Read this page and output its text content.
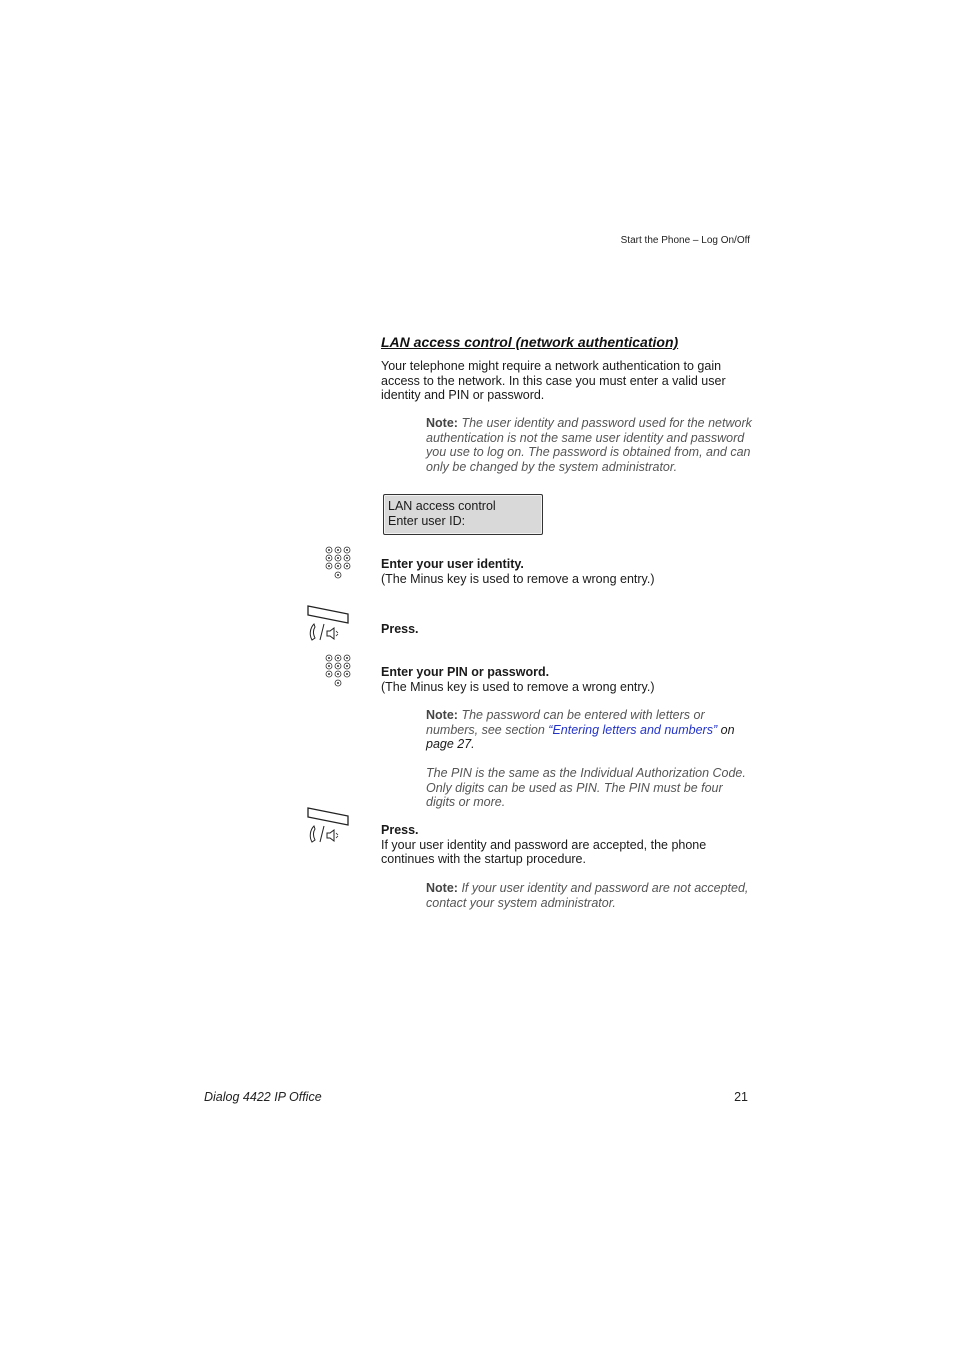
Start the Phone – Log On/Off
LAN access control (network authentication)
Your telephone might require a network authentication to gain access to the network. In this case you must enter a valid user identity and PIN or password.
Note: The user identity and password used for the network authentication is not the same user identity and password you use to log on. The password is obtained from, and can only be changed by the system administrator.
LAN access control
Enter user ID:
Enter your user identity.
(The Minus key is used to remove a wrong entry.)
Press.
Enter your PIN or password.
(The Minus key is used to remove a wrong entry.)
Note: The password can be entered with letters or numbers, see section “Entering letters and numbers” on page 27.
The PIN is the same as the Individual Authorization Code. Only digits can be used as PIN. The PIN must be four digits or more.
Press.
If your user identity and password are accepted, the phone continues with the startup procedure.
Note: If your user identity and password are not accepted, contact your system administrator.
Dialog 4422 IP Office	21
